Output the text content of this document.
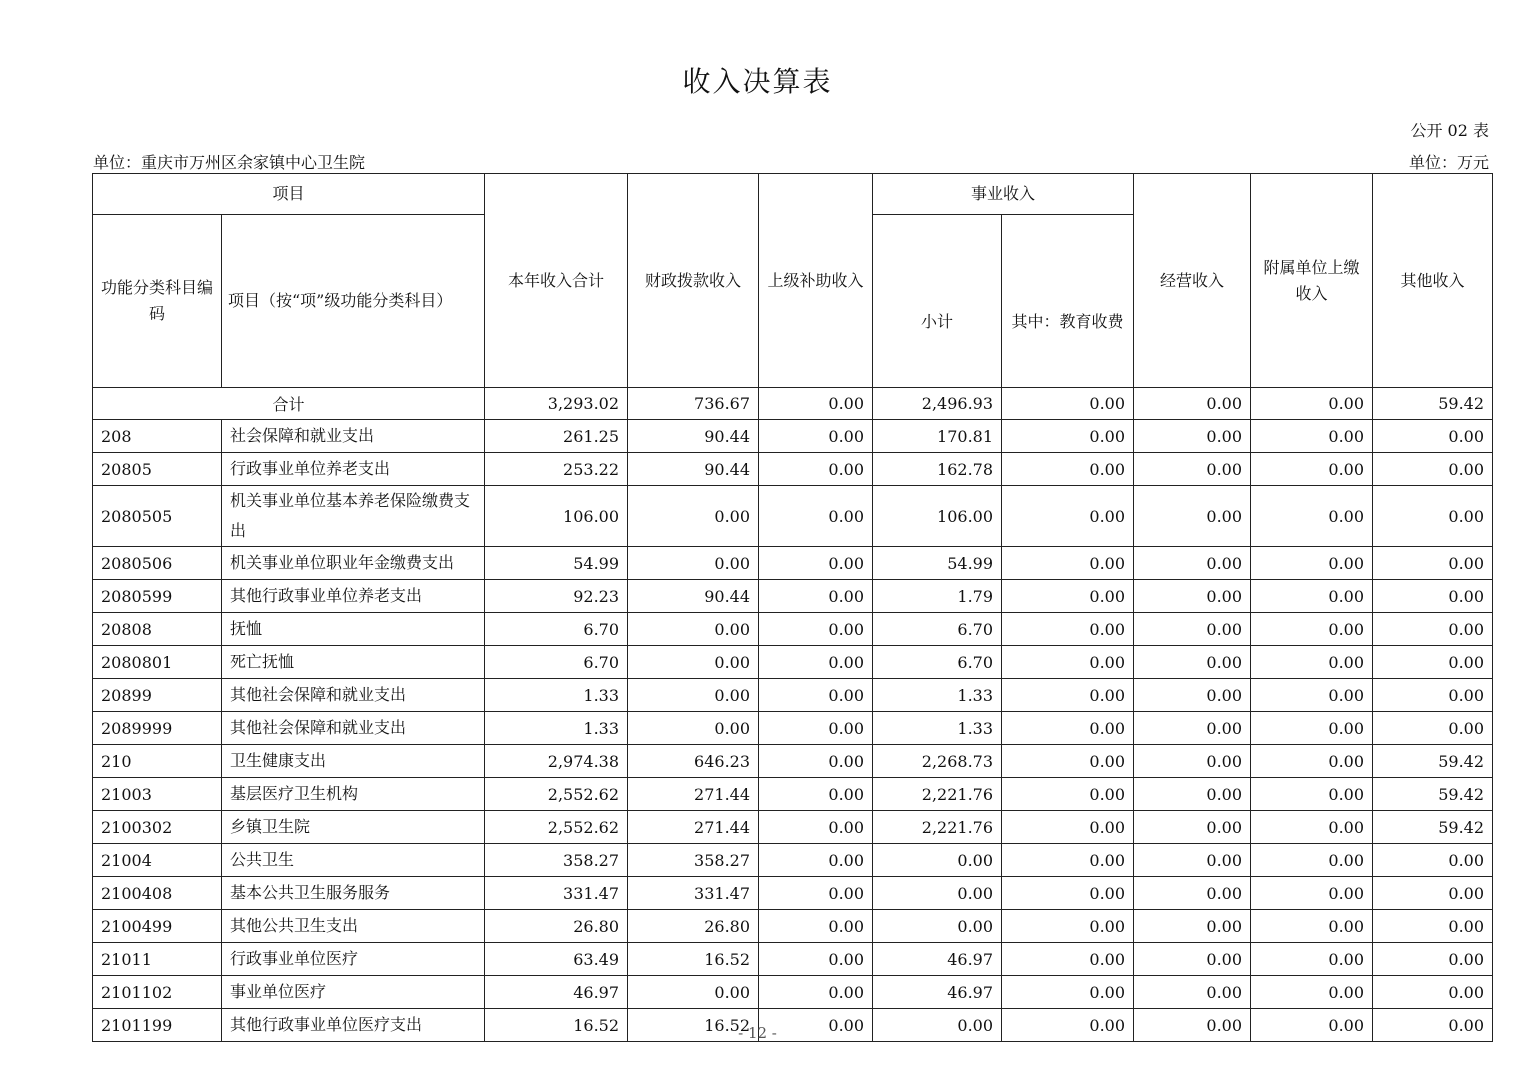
收入决算表
公开 02 表
单位：重庆市万州区余家镇中心卫生院	单位：万元
项目		本年收入合计	财政拨款收入	上级补助收入	事业收入		经营收入	附属单位上缴收入	其他收入
功能分类科目编码	项目（按“项”级功能分类科目）				小计	其中：教育收费			
合计		3,293.02	736.67	0.00	2,496.93	0.00	0.00	0.00	59.42
208	社会保障和就业支出	261.25	90.44	0.00	170.81	0.00	0.00	0.00	0.00
20805	行政事业单位养老支出	253.22	90.44	0.00	162.78	0.00	0.00	0.00	0.00
2080505	机关事业单位基本养老保险缴费支出	106.00	0.00	0.00	106.00	0.00	0.00	0.00	0.00
2080506	机关事业单位职业年金缴费支出	54.99	0.00	0.00	54.99	0.00	0.00	0.00	0.00
2080599	其他行政事业单位养老支出	92.23	90.44	0.00	1.79	0.00	0.00	0.00	0.00
20808	抚恤	6.70	0.00	0.00	6.70	0.00	0.00	0.00	0.00
2080801	死亡抚恤	6.70	0.00	0.00	6.70	0.00	0.00	0.00	0.00
20899	其他社会保障和就业支出	1.33	0.00	0.00	1.33	0.00	0.00	0.00	0.00
2089999	其他社会保障和就业支出	1.33	0.00	0.00	1.33	0.00	0.00	0.00	0.00
210	卫生健康支出	2,974.38	646.23	0.00	2,268.73	0.00	0.00	0.00	59.42
21003	基层医疗卫生机构	2,552.62	271.44	0.00	2,221.76	0.00	0.00	0.00	59.42
2100302	乡镇卫生院	2,552.62	271.44	0.00	2,221.76	0.00	0.00	0.00	59.42
21004	公共卫生	358.27	358.27	0.00	0.00	0.00	0.00	0.00	0.00
2100408	基本公共卫生服务服务	331.47	331.47	0.00	0.00	0.00	0.00	0.00	0.00
2100499	其他公共卫生支出	26.80	26.80	0.00	0.00	0.00	0.00	0.00	0.00
21011	行政事业单位医疗	63.49	16.52	0.00	46.97	0.00	0.00	0.00	0.00
2101102	事业单位医疗	46.97	0.00	0.00	46.97	0.00	0.00	0.00	0.00
2101199	其他行政事业单位医疗支出	16.52	16.52	0.00	0.00	0.00	0.00	0.00	0.00
- 12 -
